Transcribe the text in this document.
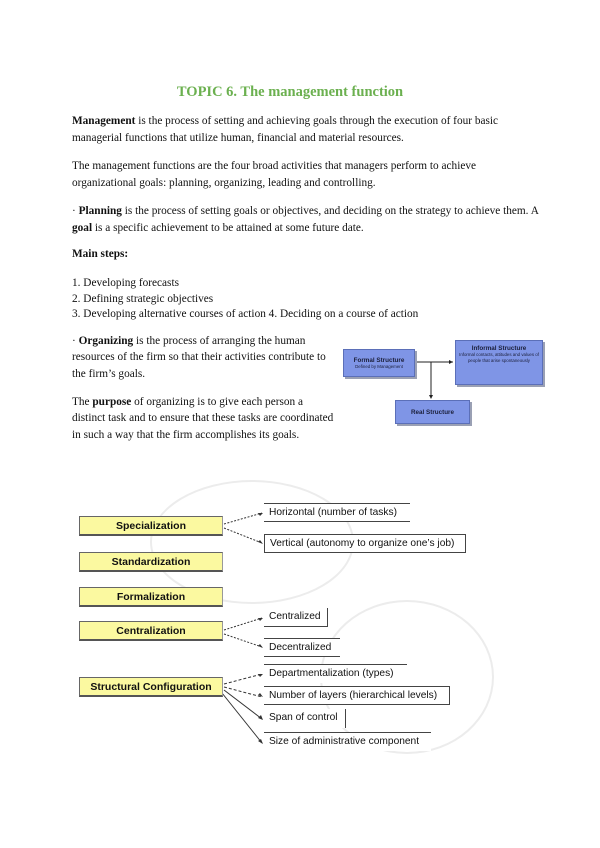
TOPIC 6. The management function
Management is the process of setting and achieving goals through the execution of four basic managerial functions that utilize human, financial and material resources.
The management functions are the four broad activities that managers perform to achieve organizational goals: planning, organizing, leading and controlling.
· Planning is the process of setting goals or objectives, and deciding on the strategy to achieve them. A goal is a specific achievement to be attained at some future date.
Main steps:
1. Developing forecasts
2. Defining strategic objectives
3. Developing alternative courses of action 4. Deciding on a course of action
· Organizing is the process of arranging the human resources of the firm so that their activities contribute to the firm’s goals.
The purpose of organizing is to give each person a distinct task and to ensure that these tasks are coordinated in such a way that the firm accomplishes its goals.
Formal Structure
Defined by Management
Informal Structure
Informal contacts, attitudes and values of people that arise spontaneously
Real Structure
Specialization
Standardization
Formalization
Centralization
Structural Configuration
Horizontal (number of tasks)
Vertical (autonomy to organize one’s job)
Centralized
Decentralized
Departmentalization (types)
Number of layers (hierarchical levels)
Span of control
Size of administrative component
